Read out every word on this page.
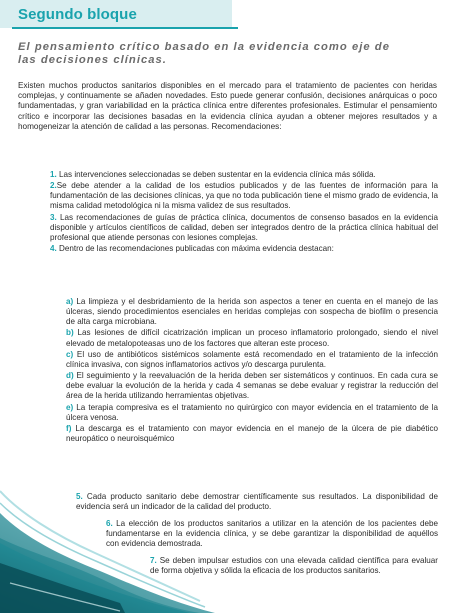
Segundo bloque

El pensamiento crítico basado en la evidencia como eje de las decisiones clínicas.

Existen muchos productos sanitarios disponibles en el mercado para el tratamiento de pacientes con heridas complejas, y continuamente se añaden novedades. Esto puede generar confusión, decisiones anárquicas o poco fundamentadas, y gran variabilidad en la práctica clínica entre diferentes profesionales. Estimular el pensamiento crítico e incorporar las decisiones basadas en la evidencia clínica ayudan a obtener mejores resultados y a homogeneizar la atención de calidad a las personas. Recomendaciones:

1. Las intervenciones seleccionadas se deben sustentar en la evidencia clínica más sólida.

2.Se debe atender a la calidad de los estudios publicados y de las fuentes de información para la fundamentación de las decisiones clínicas, ya que no toda publicación tiene el mismo grado de evidencia, la misma calidad metodológica ni la misma validez de sus resultados.

3. Las recomendaciones de guías de práctica clínica, documentos de consenso basados en la evidencia disponible y artículos científicos de calidad, deben ser integrados dentro de la práctica clínica habitual del profesional que atiende personas con lesiones complejas.

4. Dentro de las recomendaciones publicadas con máxima evidencia destacan:

a) La limpieza y el desbridamiento de la herida son aspectos a tener en cuenta en el manejo de las úlceras, siendo procedimientos esenciales en heridas complejas con sospecha de biofilm o presencia de alta carga microbiana.

b) Las lesiones de difícil cicatrización implican un proceso inflamatorio prolongado, siendo el nivel elevado de metalopoteasas uno de los factores que alteran este proceso.

c) El uso de antibióticos sistémicos solamente está recomendado en el tratamiento de la infección clínica invasiva, con signos inflamatorios activos y/o descarga purulenta.

d) El seguimiento y la reevaluación de la herida deben ser sistemáticos y continuos. En cada cura se debe evaluar la evolución de la herida y cada 4 semanas se debe evaluar y registrar la reducción del área de la herida utilizando herramientas objetivas.

e) La terapia compresiva es el tratamiento no quirúrgico con mayor evidencia en el tratamiento de la úlcera venosa.

f) La descarga es el tratamiento con mayor evidencia en el manejo de la úlcera de pie diabético neuropático o neuroisquémico

5. Cada producto sanitario debe demostrar científicamente sus resultados. La disponibilidad de evidencia será un indicador de la calidad del producto.

6. La elección de los productos sanitarios a utilizar en la atención de los pacientes debe fundamentarse en la evidencia clínica, y se debe garantizar la disponibilidad de aquéllos con evidencia demostrada.

7. Se deben impulsar estudios con una elevada calidad científica para evaluar de forma objetiva y sólida la eficacia de los productos sanitarios.
